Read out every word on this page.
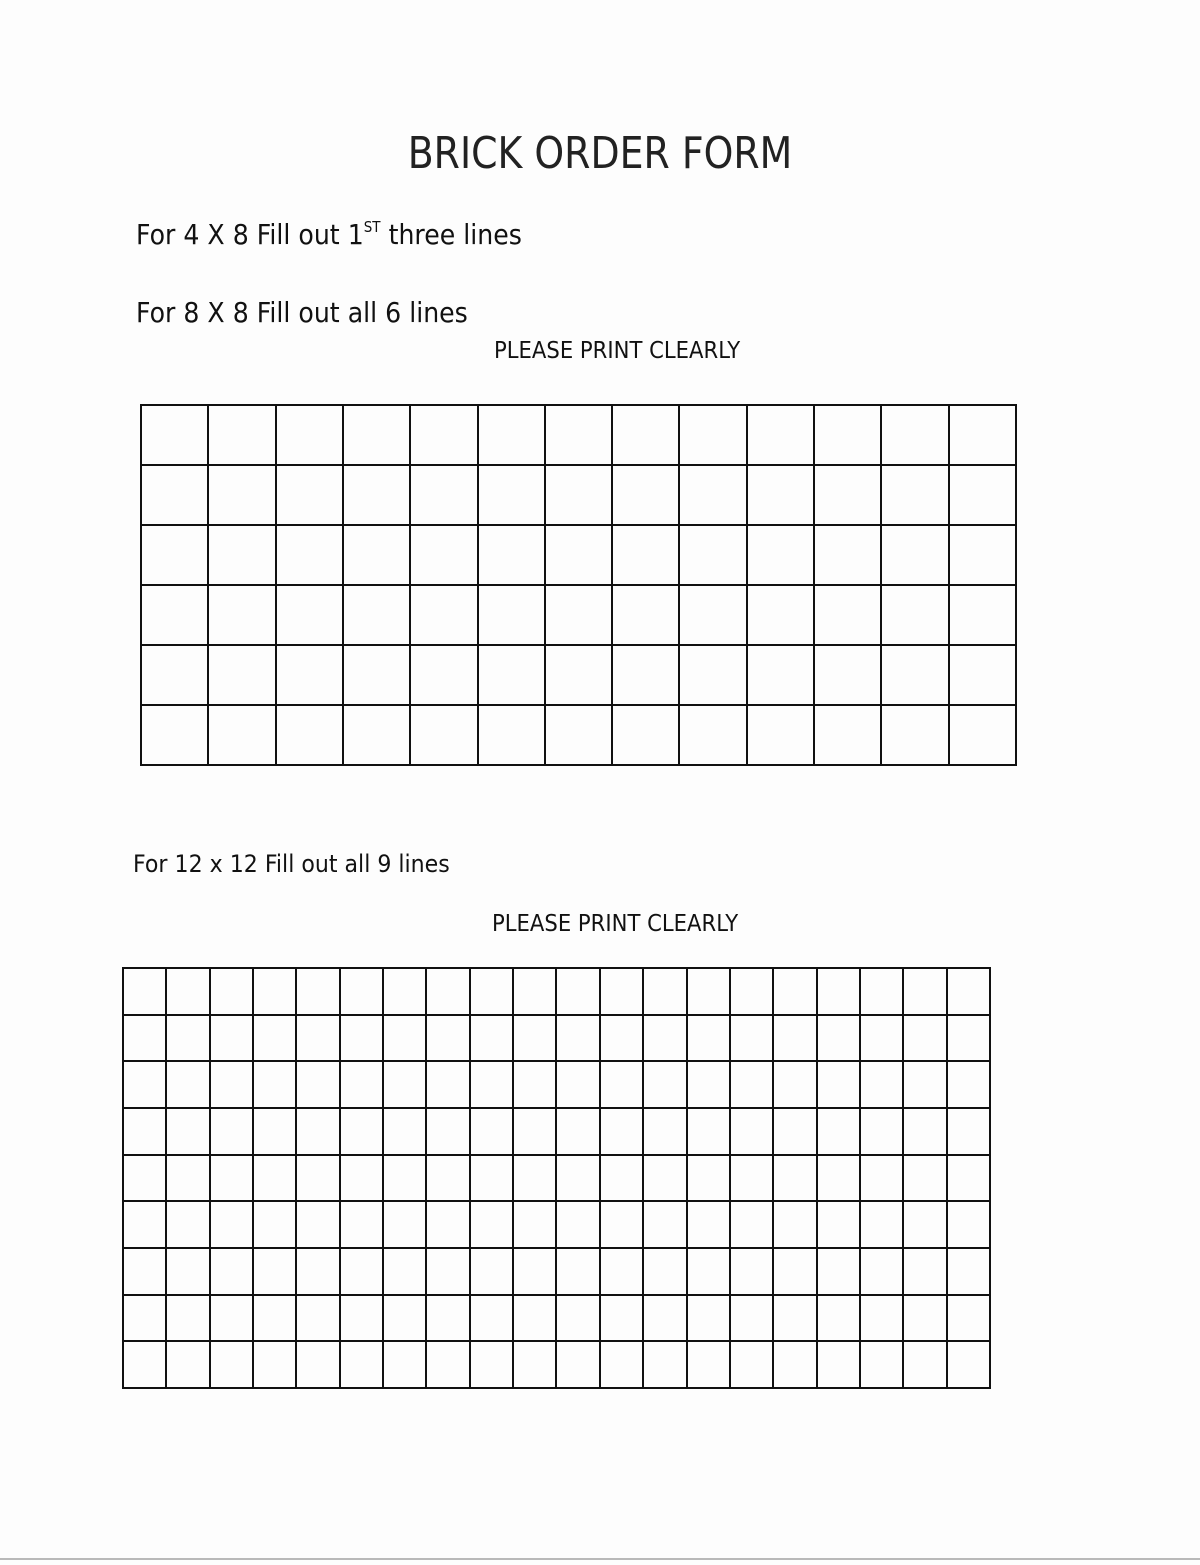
BRICK ORDER FORM
For 4 X 8 Fill out 1ST three lines
For 8 X 8 Fill out all 6 lines
PLEASE PRINT CLEARLY
For 12 x 12 Fill out all 9 lines
PLEASE PRINT CLEARLY
